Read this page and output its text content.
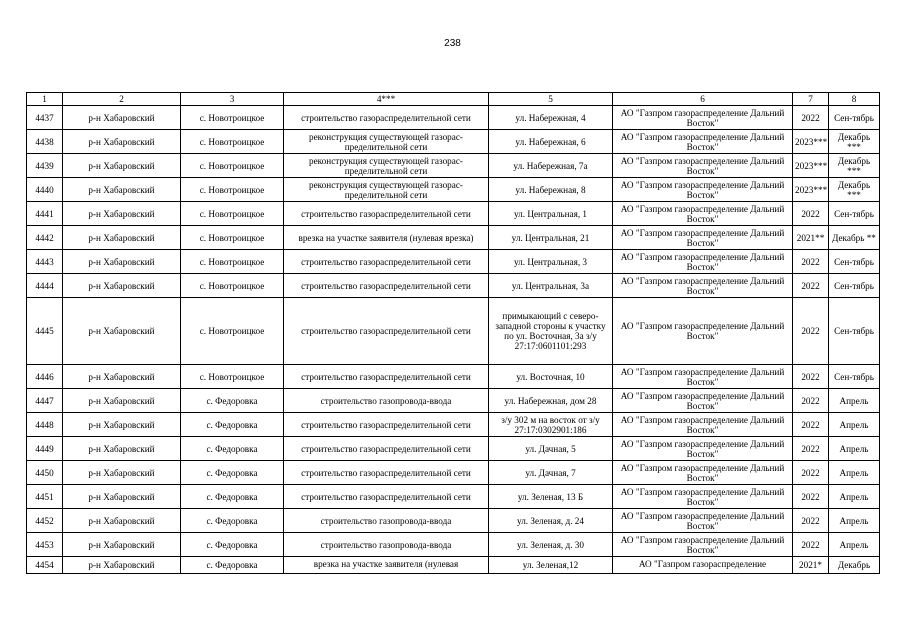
238
1	2	3	4***	5	6	7	8
4437	р-н Хабаровский	с. Новотроицкое	строительство газораспределительной сети	ул. Набережная, 4	АО "Газпром газораспределение Дальний Восток"	2022	Сен-тябрь
4438	р-н Хабаровский	с. Новотроицкое	реконструкция существующей газорас-пределительной сети	ул. Набережная, 6	АО "Газпром газораспределение Дальний Восток"	2023***	Декабрь ***
4439	р-н Хабаровский	с. Новотроицкое	реконструкция существующей газорас-пределительной сети	ул. Набережная, 7а	АО "Газпром газораспределение Дальний Восток"	2023***	Декабрь ***
4440	р-н Хабаровский	с. Новотроицкое	реконструкция существующей газорас-пределительной сети	ул. Набережная, 8	АО "Газпром газораспределение Дальний Восток"	2023***	Декабрь ***
4441	р-н Хабаровский	с. Новотроицкое	строительство газораспределительной сети	ул. Центральная, 1	АО "Газпром газораспределение Дальний Восток"	2022	Сен-тябрь
4442	р-н Хабаровский	с. Новотроицкое	врезка на участке заявителя (нулевая врезка)	ул. Центральная, 21	АО "Газпром газораспределение Дальний Восток"	2021**	Декабрь **
4443	р-н Хабаровский	с. Новотроицкое	строительство газораспределительной сети	ул. Центральная, 3	АО "Газпром газораспределение Дальний Восток"	2022	Сен-тябрь
4444	р-н Хабаровский	с. Новотроицкое	строительство газораспределительной сети	ул. Центральная, 3а	АО "Газпром газораспределение Дальний Восток"	2022	Сен-тябрь
4445	р-н Хабаровский	с. Новотроицкое	строительство газораспределительной сети	примыкающий с северо-западной стороны к участку по ул. Восточная, 3а з/у 27:17:0601101:293	АО "Газпром газораспределение Дальний Восток"	2022	Сен-тябрь
4446	р-н Хабаровский	с. Новотроицкое	строительство газораспределительной сети	ул. Восточная, 10	АО "Газпром газораспределение Дальний Восток"	2022	Сен-тябрь
4447	р-н Хабаровский	с. Федоровка	строительство газопровода-ввода	ул. Набережная, дом 28	АО "Газпром газораспределение Дальний Восток"	2022	Апрель
4448	р-н Хабаровский	с. Федоровка	строительство газораспределительной сети	з/у 302 м на восток от з/у 27:17:0302901:186	АО "Газпром газораспределение Дальний Восток"	2022	Апрель
4449	р-н Хабаровский	с. Федоровка	строительство газораспределительной сети	ул. Дачная, 5	АО "Газпром газораспределение Дальний Восток"	2022	Апрель
4450	р-н Хабаровский	с. Федоровка	строительство газораспределительной сети	ул. Дачная, 7	АО "Газпром газораспределение Дальний Восток"	2022	Апрель
4451	р-н Хабаровский	с. Федоровка	строительство газораспределительной сети	ул. Зеленая, 13 Б	АО "Газпром газораспределение Дальний Восток"	2022	Апрель
4452	р-н Хабаровский	с. Федоровка	строительство газопровода-ввода	ул. Зеленая, д. 24	АО "Газпром газораспределение Дальний Восток"	2022	Апрель
4453	р-н Хабаровский	с. Федоровка	строительство газопровода-ввода	ул. Зеленая, д. 30	АО "Газпром газораспределение Дальний Восток"	2022	Апрель
4454	р-н Хабаровский	с. Федоровка	врезка на участке заявителя (нулевая	ул. Зеленая,12	АО "Газпром газораспределение	2021*	Декабрь
